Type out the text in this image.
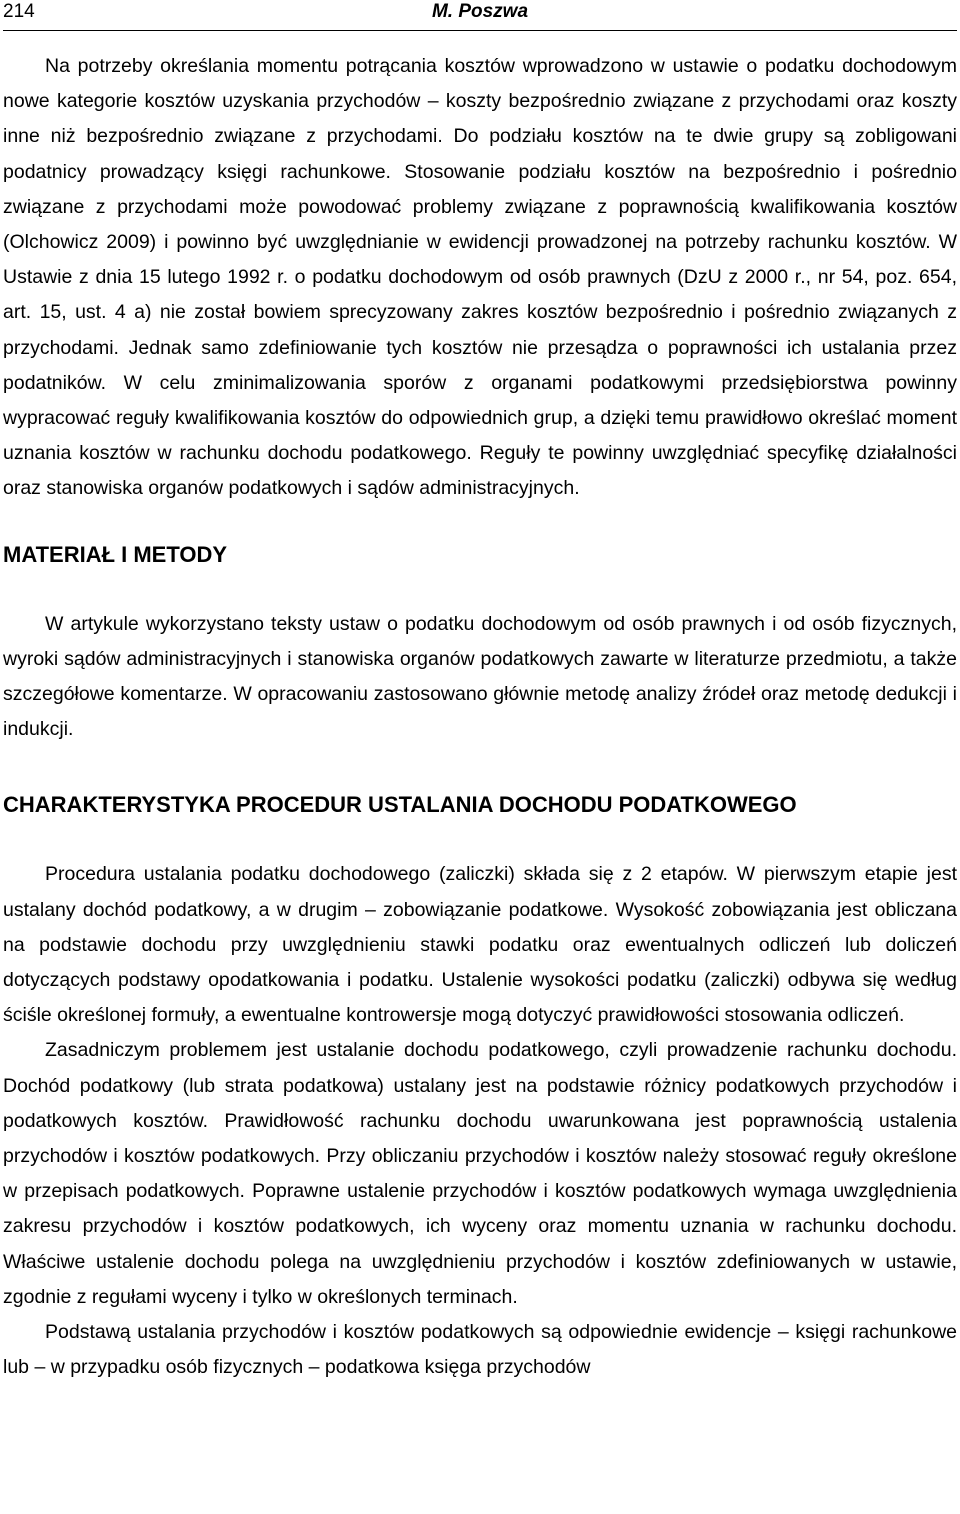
214	M. Poszwa

Na potrzeby określania momentu potrącania kosztów wprowadzono w ustawie o podatku dochodowym nowe kategorie kosztów uzyskania przychodów – koszty bezpośrednio związane z przychodami oraz koszty inne niż bezpośrednio związane z przychodami. Do podziału kosztów na te dwie grupy są zobligowani podatnicy prowadzący księgi rachunkowe. Stosowanie podziału kosztów na bezpośrednio i pośrednio związane z przychodami może powodować problemy związane z poprawnością kwalifikowania kosztów (Olchowicz 2009) i powinno być uwzględnianie w ewidencji prowadzonej na potrzeby rachunku kosztów. W Ustawie z dnia 15 lutego 1992 r. o podatku dochodowym od osób prawnych (DzU z 2000 r., nr 54, poz. 654, art. 15, ust. 4 a) nie został bowiem sprecyzowany zakres kosztów bezpośrednio i pośrednio związanych z przychodami. Jednak samo zdefiniowanie tych kosztów nie przesądza o poprawności ich ustalania przez podatników. W celu zminimalizowania sporów z organami podatkowymi przedsiębiorstwa powinny wypracować reguły kwalifikowania kosztów do odpowiednich grup, a dzięki temu prawidłowo określać moment uznania kosztów w rachunku dochodu podatkowego. Reguły te powinny uwzględniać specyfikę działalności oraz stanowiska organów podatkowych i sądów administracyjnych.

MATERIAŁ I METODY

W artykule wykorzystano teksty ustaw o podatku dochodowym od osób prawnych i od osób fizycznych, wyroki sądów administracyjnych i stanowiska organów podatkowych zawarte w literaturze przedmiotu, a także szczegółowe komentarze. W opracowaniu zastosowano głównie metodę analizy źródeł oraz metodę dedukcji i indukcji.

CHARAKTERYSTYKA PROCEDUR USTALANIA DOCHODU PODATKOWEGO

Procedura ustalania podatku dochodowego (zaliczki) składa się z 2 etapów. W pierwszym etapie jest ustalany dochód podatkowy, a w drugim – zobowiązanie podatkowe. Wysokość zobowiązania jest obliczana na podstawie dochodu przy uwzględnieniu stawki podatku oraz ewentualnych odliczeń lub doliczeń dotyczących podstawy opodatkowania i podatku. Ustalenie wysokości podatku (zaliczki) odbywa się według ściśle określonej formuły, a ewentualne kontrowersje mogą dotyczyć prawidłowości stosowania odliczeń.

Zasadniczym problemem jest ustalanie dochodu podatkowego, czyli prowadzenie rachunku dochodu. Dochód podatkowy (lub strata podatkowa) ustalany jest na podstawie różnicy podatkowych przychodów i podatkowych kosztów. Prawidłowość rachunku dochodu uwarunkowana jest poprawnością ustalenia przychodów i kosztów podatkowych. Przy obliczaniu przychodów i kosztów należy stosować reguły określone w przepisach podatkowych. Poprawne ustalenie przychodów i kosztów podatkowych wymaga uwzględnienia zakresu przychodów i kosztów podatkowych, ich wyceny oraz momentu uznania w rachunku dochodu. Właściwe ustalenie dochodu polega na uwzględnieniu przychodów i kosztów zdefiniowanych w ustawie, zgodnie z regułami wyceny i tylko w określonych terminach.

Podstawą ustalania przychodów i kosztów podatkowych są odpowiednie ewidencje – księgi rachunkowe lub – w przypadku osób fizycznych – podatkowa księga przychodów
